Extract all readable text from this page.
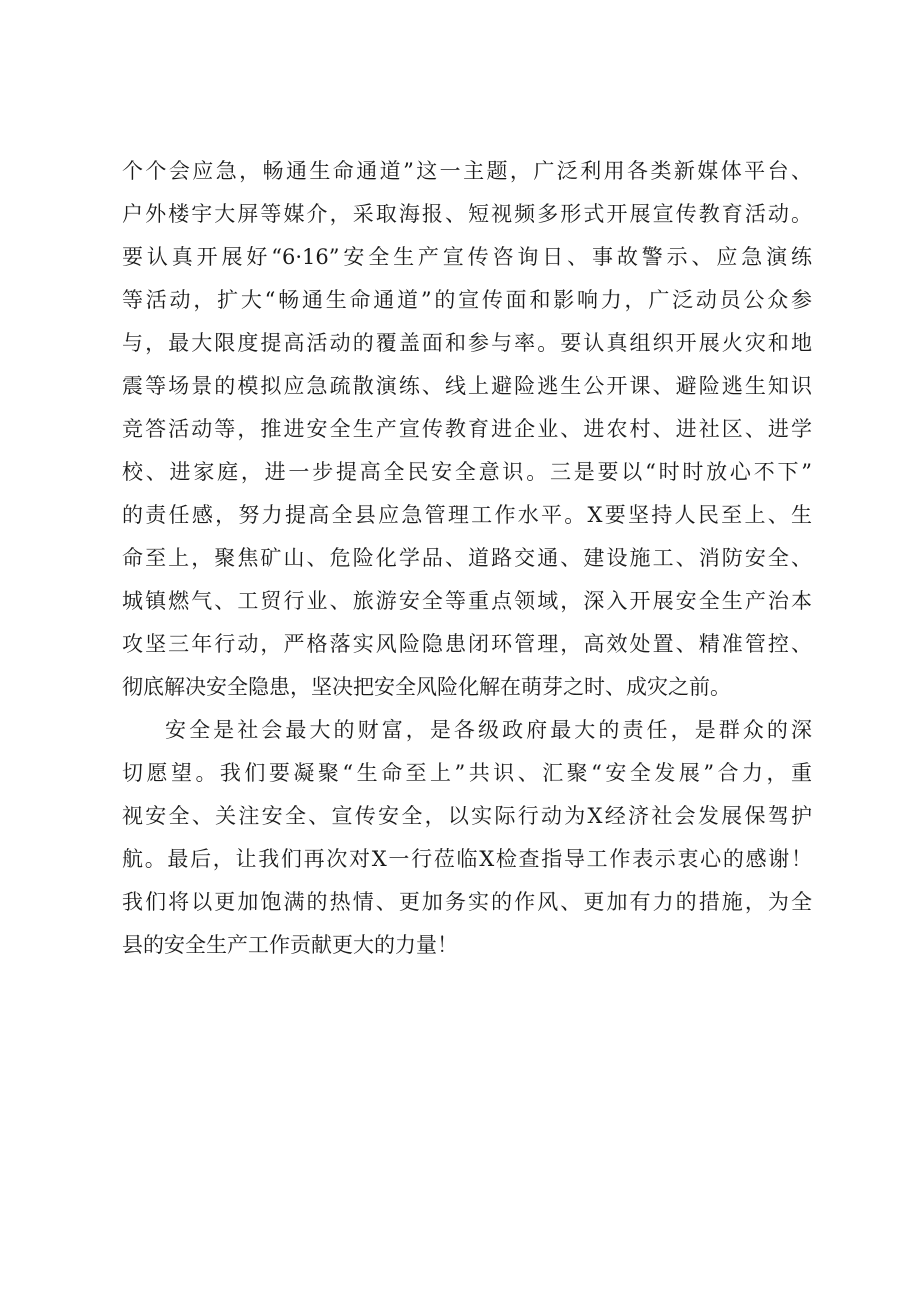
个个会应急，畅通生命通道”这一主题，广泛利用各类新媒体平台、
户外楼宇大屏等媒介，采取海报、短视频多形式开展宣传教育活动。
要认真开展好“6·16”安全生产宣传咨询日、事故警示、应急演练
等活动，扩大“畅通生命通道”的宣传面和影响力，广泛动员公众参
与，最大限度提高活动的覆盖面和参与率。要认真组织开展火灾和地
震等场景的模拟应急疏散演练、线上避险逃生公开课、避险逃生知识
竞答活动等，推进安全生产宣传教育进企业、进农村、进社区、进学
校、进家庭，进一步提高全民安全意识。三是要以“时时放心不下”
的责任感，努力提高全县应急管理工作水平。X要坚持人民至上、生
命至上，聚焦矿山、危险化学品、道路交通、建设施工、消防安全、
城镇燃气、工贸行业、旅游安全等重点领域，深入开展安全生产治本
攻坚三年行动，严格落实风险隐患闭环管理，高效处置、精准管控、
彻底解决安全隐患，坚决把安全风险化解在萌芽之时、成灾之前。
安全是社会最大的财富，是各级政府最大的责任，是群众的深
切愿望。我们要凝聚“生命至上”共识、汇聚“安全发展”合力，重
视安全、关注安全、宣传安全，以实际行动为X经济社会发展保驾护
航。最后，让我们再次对X一行莅临X检查指导工作表示衷心的感谢！
我们将以更加饱满的热情、更加务实的作风、更加有力的措施，为全
县的安全生产工作贡献更大的力量！
